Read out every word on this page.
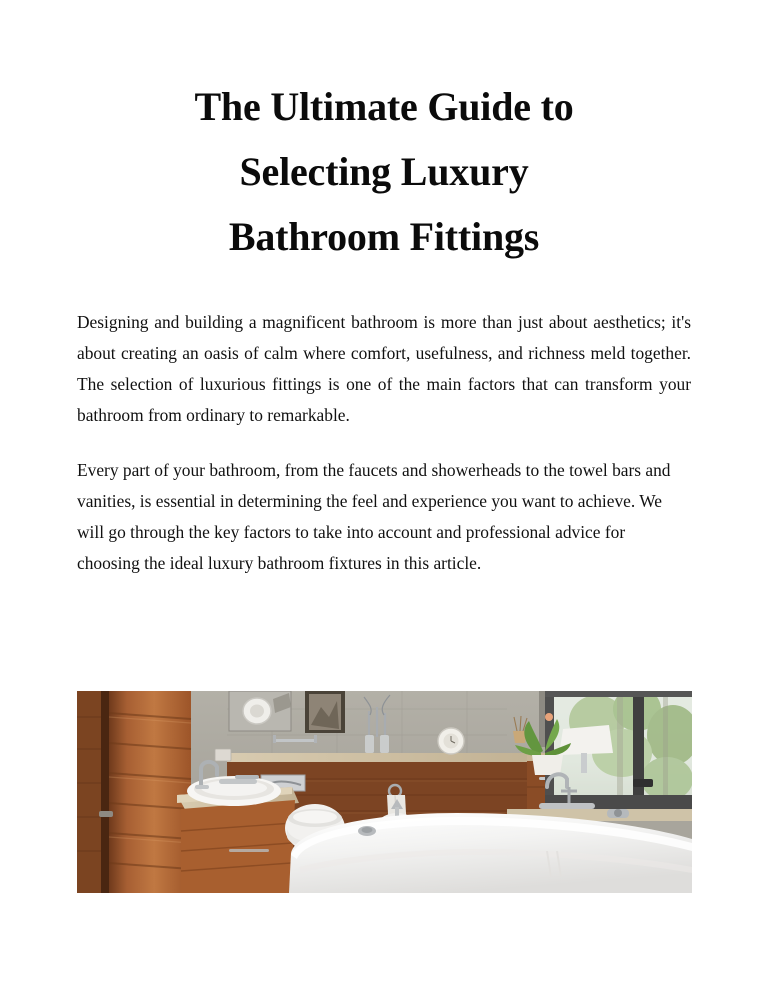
The Ultimate Guide to
Selecting Luxury
Bathroom Fittings

Designing and building a magnificent bathroom is more than just about aesthetics; it's about creating an oasis of calm where comfort, usefulness, and richness meld together. The selection of luxurious fittings is one of the main factors that can transform your bathroom from ordinary to remarkable.

Every part of your bathroom, from the faucets and showerheads to the towel bars and vanities, is essential in determining the feel and experience you want to achieve. We will go through the key factors to take into account and professional advice for choosing the ideal luxury bathroom fixtures in this article.
